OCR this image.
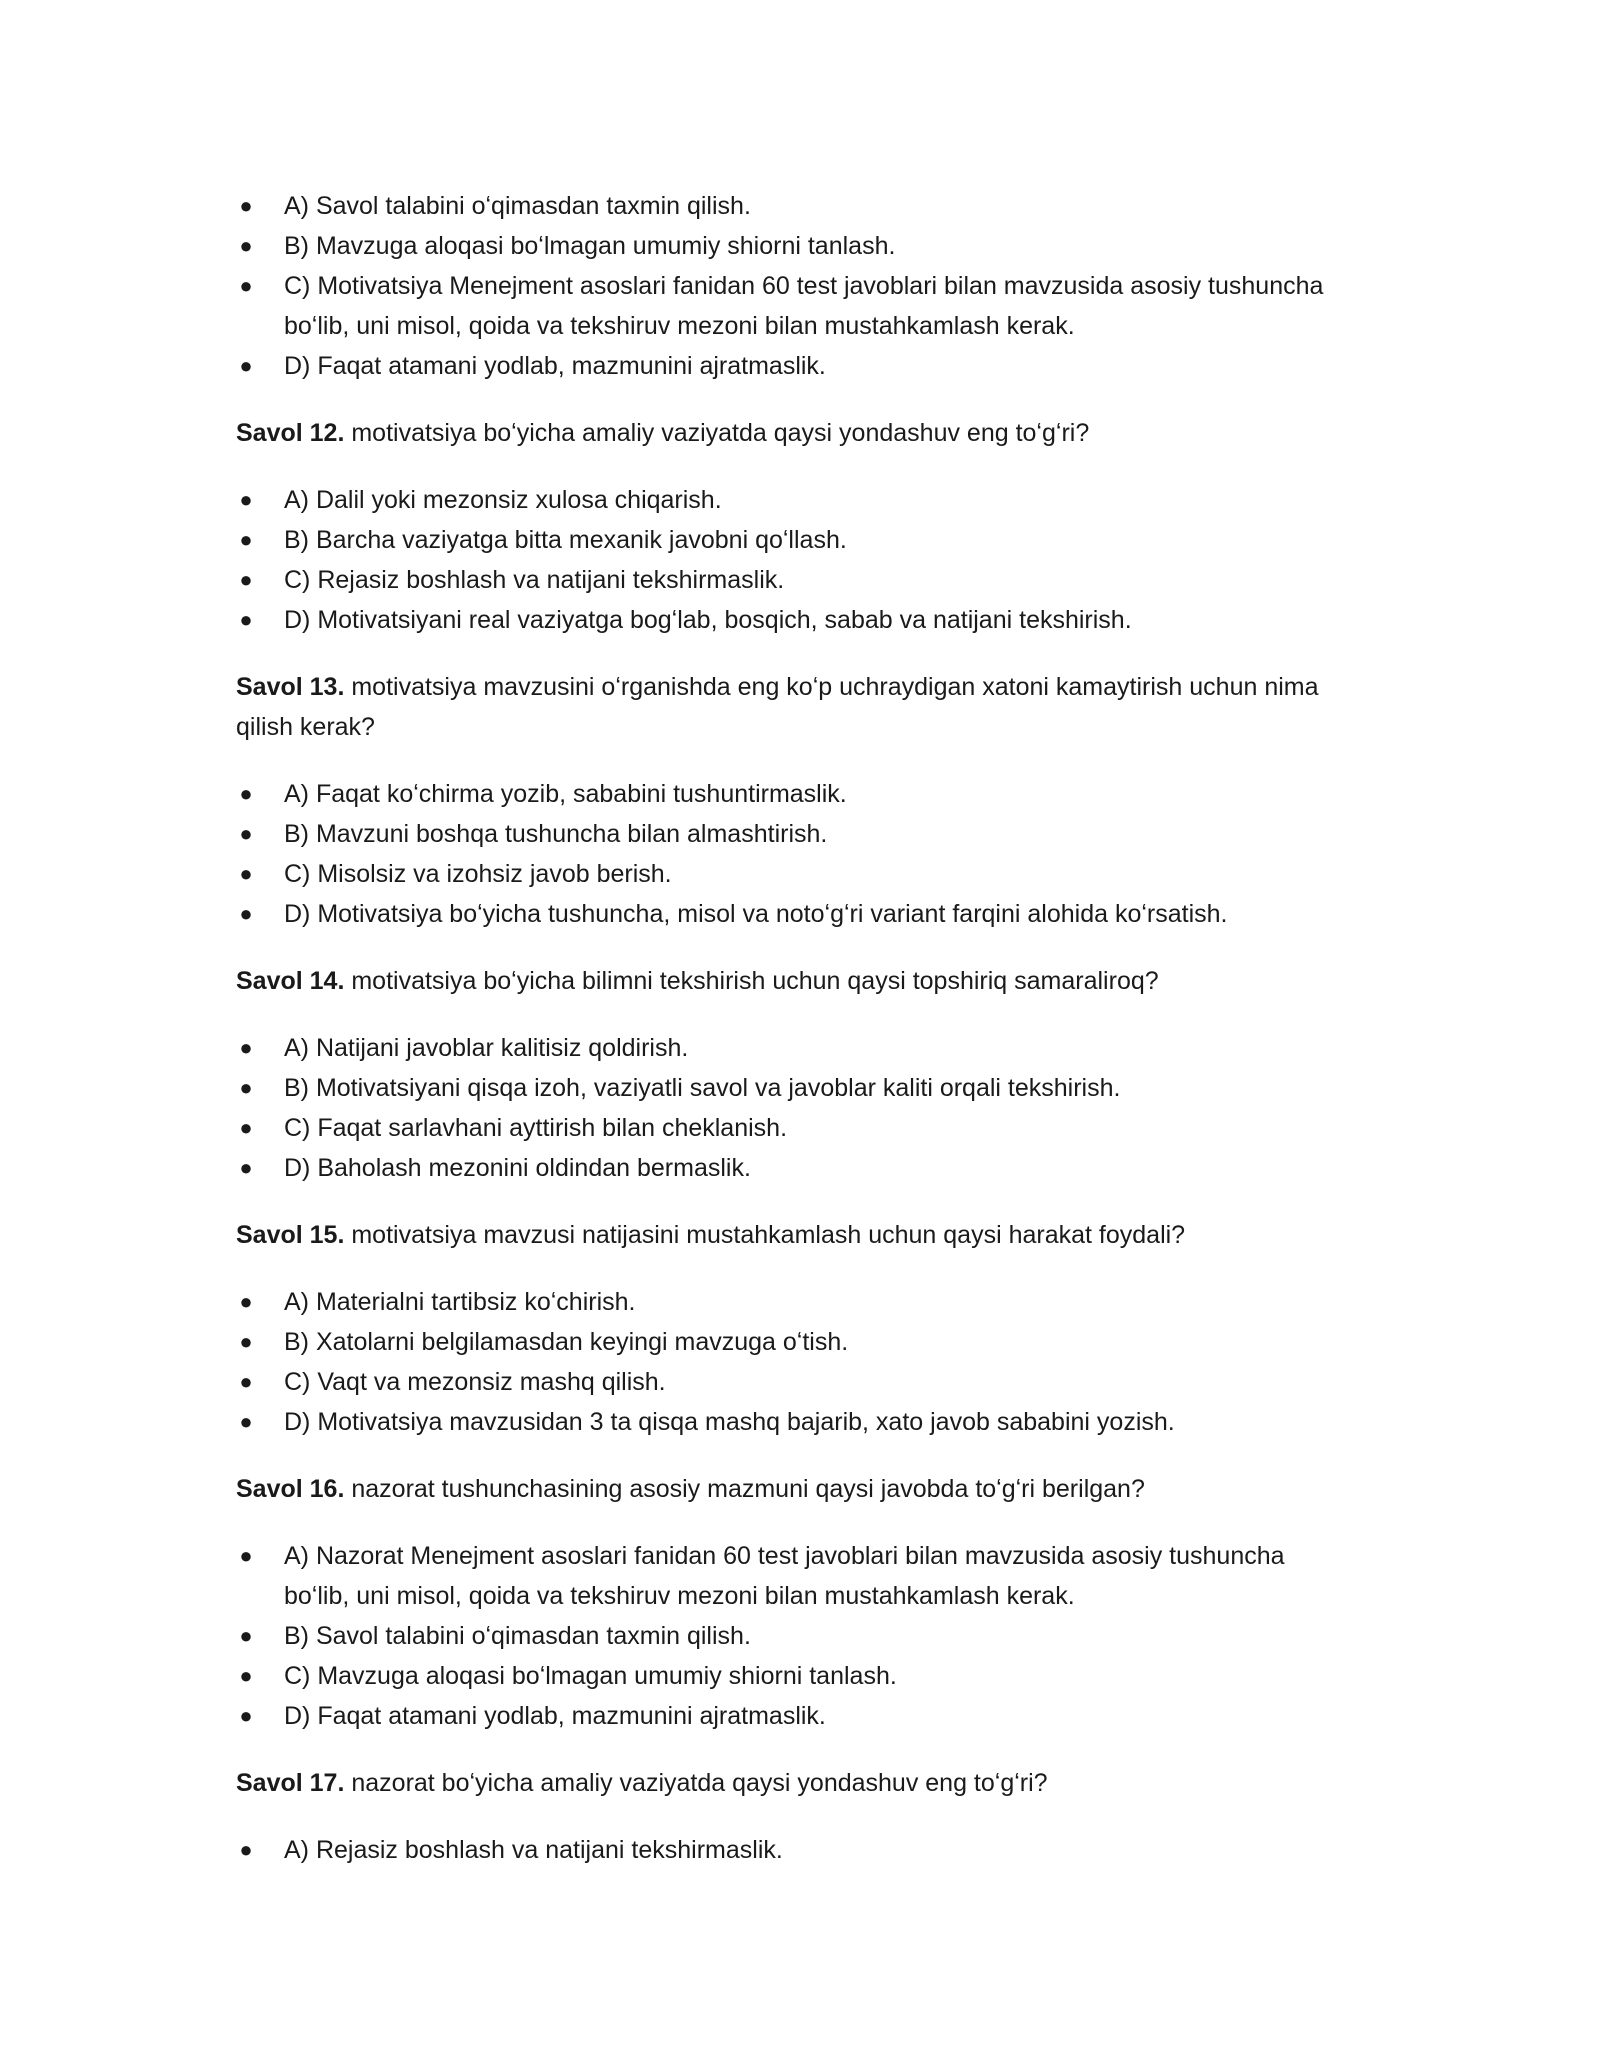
● A) Savol talabini oʻqimasdan taxmin qilish.
● B) Mavzuga aloqasi boʻlmagan umumiy shiorni tanlash.
● C) Motivatsiya Menejment asoslari fanidan 60 test javoblari bilan mavzusida asosiy tushuncha boʻlib, uni misol, qoida va tekshiruv mezoni bilan mustahkamlash kerak.
● D) Faqat atamani yodlab, mazmunini ajratmaslik.

Savol 12. motivatsiya boʻyicha amaliy vaziyatda qaysi yondashuv eng toʻgʻri?

● A) Dalil yoki mezonsiz xulosa chiqarish.
● B) Barcha vaziyatga bitta mexanik javobni qoʻllash.
● C) Rejasiz boshlash va natijani tekshirmaslik.
● D) Motivatsiyani real vaziyatga bogʻlab, bosqich, sabab va natijani tekshirish.

Savol 13. motivatsiya mavzusini oʻrganishda eng koʻp uchraydigan xatoni kamaytirish uchun nima qilish kerak?

● A) Faqat koʻchirma yozib, sababini tushuntirmaslik.
● B) Mavzuni boshqa tushuncha bilan almashtirish.
● C) Misolsiz va izohsiz javob berish.
● D) Motivatsiya boʻyicha tushuncha, misol va notoʻgʻri variant farqini alohida koʻrsatish.

Savol 14. motivatsiya boʻyicha bilimni tekshirish uchun qaysi topshiriq samaraliroq?

● A) Natijani javoblar kalitisiz qoldirish.
● B) Motivatsiyani qisqa izoh, vaziyatli savol va javoblar kaliti orqali tekshirish.
● C) Faqat sarlavhani ayttirish bilan cheklanish.
● D) Baholash mezonini oldindan bermaslik.

Savol 15. motivatsiya mavzusi natijasini mustahkamlash uchun qaysi harakat foydali?

● A) Materialni tartibsiz koʻchirish.
● B) Xatolarni belgilamasdan keyingi mavzuga oʻtish.
● C) Vaqt va mezonsiz mashq qilish.
● D) Motivatsiya mavzusidan 3 ta qisqa mashq bajarib, xato javob sababini yozish.

Savol 16. nazorat tushunchasining asosiy mazmuni qaysi javobda toʻgʻri berilgan?

● A) Nazorat Menejment asoslari fanidan 60 test javoblari bilan mavzusida asosiy tushuncha boʻlib, uni misol, qoida va tekshiruv mezoni bilan mustahkamlash kerak.
● B) Savol talabini oʻqimasdan taxmin qilish.
● C) Mavzuga aloqasi boʻlmagan umumiy shiorni tanlash.
● D) Faqat atamani yodlab, mazmunini ajratmaslik.

Savol 17. nazorat boʻyicha amaliy vaziyatda qaysi yondashuv eng toʻgʻri?

● A) Rejasiz boshlash va natijani tekshirmaslik.
